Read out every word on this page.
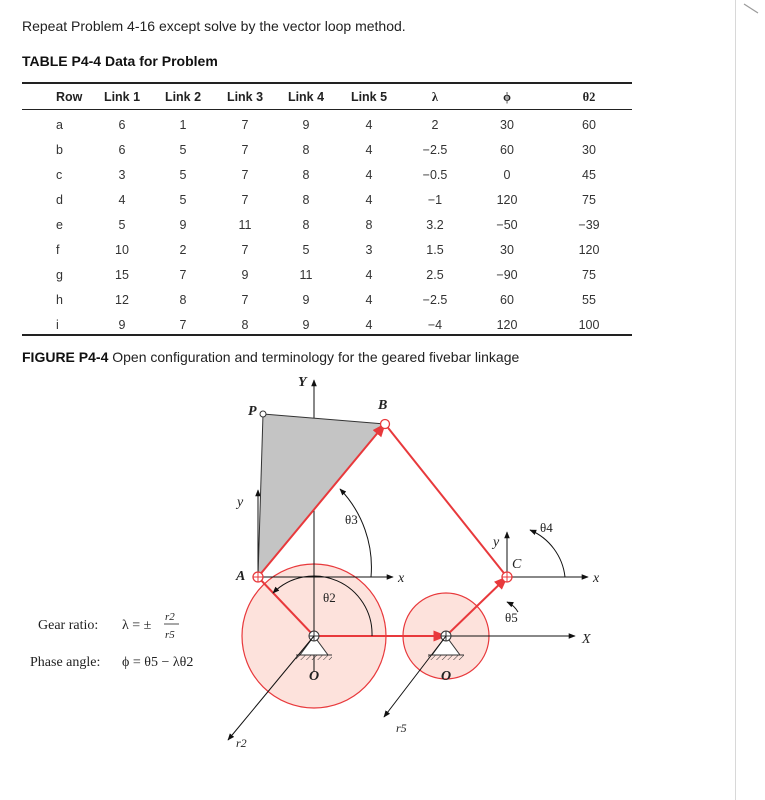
Repeat Problem 4-16 except solve by the vector loop method.
TABLE P4-4 Data for Problem
Row	Link 1	Link 2	Link 3	Link 4	Link 5	λ	ϕ	θ2
a	6	1	7	9	4	2	30	60
b	6	5	7	8	4	−2.5	60	30
c	3	5	7	8	4	−0.5	0	45
d	4	5	7	8	4	−1	120	75
e	5	9	11	8	8	3.2	−50	−39
f	10	2	7	5	3	1.5	30	120
g	15	7	9	11	4	2.5	−90	75
h	12	8	7	9	4	−2.5	60	55
i	9	7	8	9	4	−4	120	100
FIGURE P4-4 Open configuration and terminology for the geared fivebar linkage
Y
X
x
y
x
y
P	B
A
C
O	O
θ2
θ3
θ4
θ5
r2
r5
Gear ratio: λ = ±
r2
r5
Phase angle: ϕ = θ5 − λθ2
